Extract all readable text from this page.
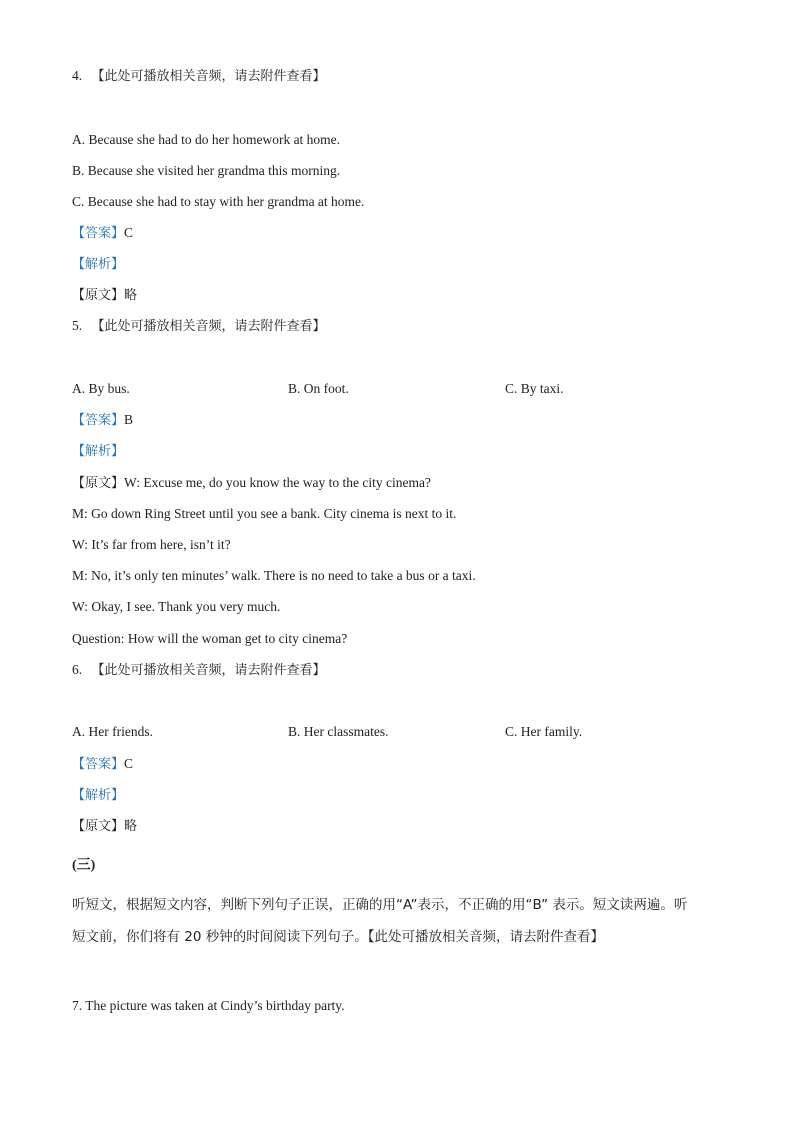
4. 【此处可播放相关音频，请去附件查看】
A. Because she had to do her homework at home.
B. Because she visited her grandma this morning.
C. Because she had to stay with her grandma at home.
【答案】C
【解析】
【原文】略
5. 【此处可播放相关音频，请去附件查看】
A. By bus.	B. On foot.	C. By taxi.
【答案】B
【解析】
【原文】W: Excuse me, do you know the way to the city cinema?
M: Go down Ring Street until you see a bank. City cinema is next to it.
W: It’s far from here, isn’t it?
M: No, it’s only ten minutes’ walk. There is no need to take a bus or a taxi.
W: Okay, I see. Thank you very much.
Question: How will the woman get to city cinema?
6. 【此处可播放相关音频，请去附件查看】
A. Her friends.	B. Her classmates.	C. Her family.
【答案】C
【解析】
【原文】略
(三)
听短文，根据短文内容，判断下列句子正误，正确的用“A”表示，不正确的用“B” 表示。短文读两遍。听
短文前，你们将有 20 秒钟的时间阅读下列句子。【此处可播放相关音频，请去附件查看】
7. The picture was taken at Cindy’s birthday party.
